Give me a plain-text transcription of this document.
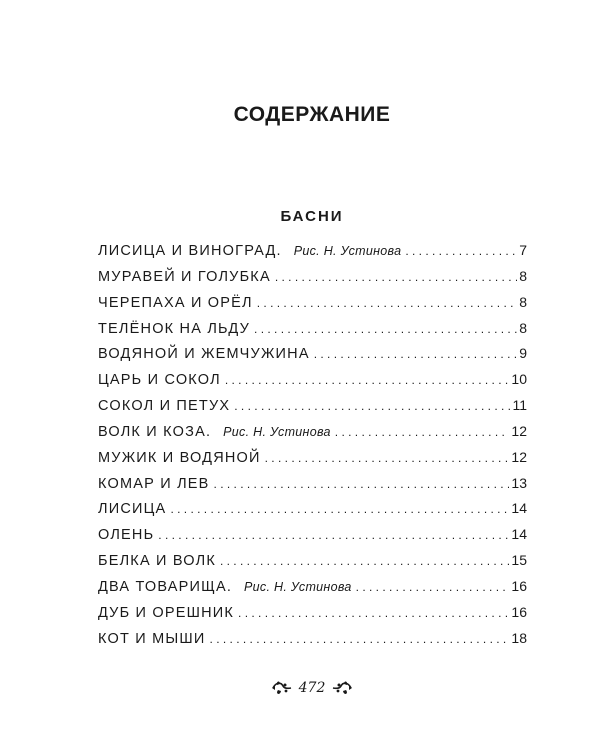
СОДЕРЖАНИЕ
БАСНИ
ЛИСИЦА И ВИНОГРАД. Рис. Н. Устинова . . .	7
МУРАВЕЙ И ГОЛУБКА . . .	8
ЧЕРЕПАХА И ОРЁЛ . . .	8
ТЕЛЁНОК НА ЛЬДУ . . .	8
ВОДЯНОЙ И ЖЕМЧУЖИНА . . .	9
ЦАРЬ И СОКОЛ . . .	10
СОКОЛ И ПЕТУХ . . .	11
ВОЛК И КОЗА. Рис. Н. Устинова . . .	12
МУЖИК И ВОДЯНОЙ . . .	12
КОМАР И ЛЕВ . . .	13
ЛИСИЦА . . .	14
ОЛЕНЬ . . .	14
БЕЛКА И ВОЛК . . .	15
ДВА ТОВАРИЩА. Рис. Н. Устинова . . .	16
ДУБ И ОРЕШНИК . . .	16
КОТ И МЫШИ . . .	18
472
